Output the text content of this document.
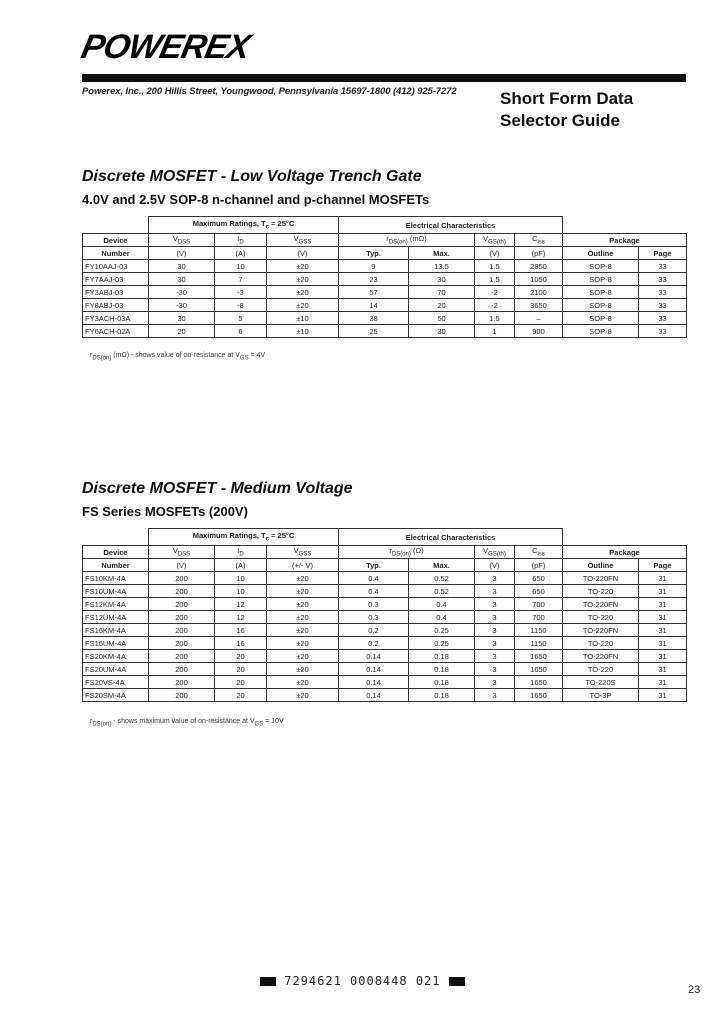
POWEREX
Powerex, Inc., 200 Hillis Street, Youngwood, Pennsylvania 15697-1800 (412) 925-7272	Short Form Data
Selector Guide
Discrete MOSFET - Low Voltage Trench Gate
4.0V and 2.5V SOP-8 n-channel and p-channel MOSFETs
	Maximum Ratings, $T_c = 25^\circ C$			Electrical Characteristics					
Device	$V_{DSS}$	$I_D$	$V_{GSS}$	$r_{DS(on)}$ (mΩ)		$V_{GS(th)}$	$C_{iss}$	Package	
Number	(V)	(A)	(V)	Typ.	Max.	(V)	(pF)	Outline	Page
FY10AAJ-03	30	10	±20	9	13.5	1.5	2850	SOP-8	33
FY7AAJ-03	30	7	±20	23	30	1.5	1050	SOP-8	33
FY3ABJ-03	-30	-3	±20	57	70	-2	2100	SOP-8	33
FY8ABJ-03	-30	-8	±20	14	20	-2	3650	SOP-8	33
FY3ACH-03A	30	5	±10	38	50	1.5	–	SOP-8	33
FY6ACH-02A	20	6	±10	25	30	1	900	SOP-8	33
$r_{DS(on)}$ (mΩ) - shows value of on-resistance at $V_{GS} = 4V$
Discrete MOSFET - Medium Voltage
FS Series MOSFETs (200V)
	Maximum Ratings, $T_c = 25^\circ C$			Electrical Characteristics					
Device	$V_{DSS}$	$I_D$	$V_{GSS}$	$r_{DS(on)}$ (Ω)		$V_{GS(th)}$	$C_{iss}$	Package	
Number	(V)	(A)	(+/- V)	Typ.	Max.	(V)	(pF)	Outline	Page
FS10KM-4A	200	10	±20	0.4	0.52	3	650	TO-220FN	31
FS10UM-4A	200	10	±20	0.4	0.52	3	650	TO-220	31
FS12KM-4A	200	12	±20	0.3	0.4	3	700	TO-220FN	31
FS12UM-4A	200	12	±20	0.3	0.4	3	700	TO-220	31
FS16KM-4A	200	16	±20	0.2	0.25	3	1150	TO-220FN	31
FS16UM-4A	200	16	±20	0.2	0.25	3	1150	TO-220	31
FS20KM-4A	200	20	±20	0.14	0.18	3	1650	TO-220FN	31
FS20UM-4A	200	20	±20	0.14	0.18	3	1650	TO-220	31
FS20VS-4A	200	20	±20	0.14	0.18	3	1650	TO-220S	31
FS20SM-4A	200	20	±20	0.14	0.18	3	1650	TO-3P	31
$r_{DS(on)}$ - shows maximum value of on-resistance at $V_{GS} = 10V$
7294621 0008448 021
23
